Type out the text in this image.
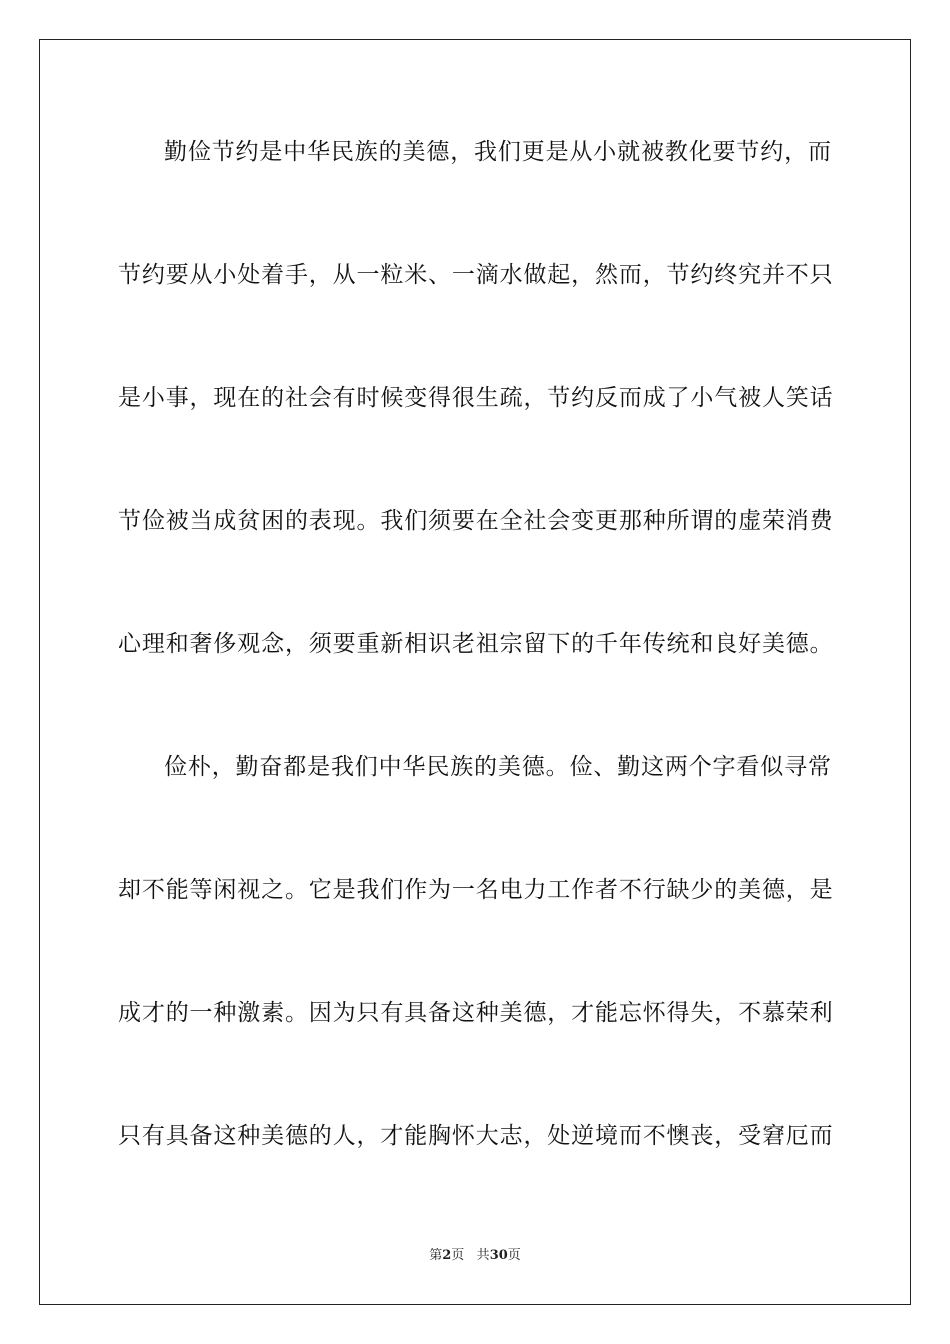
勤俭节约是中华民族的美德，我们更是从小就被教化要节约，而
节约要从小处着手，从一粒米、一滴水做起，然而，节约终究并不只
是小事，现在的社会有时候变得很生疏，节约反而成了小气被人笑话
节俭被当成贫困的表现。我们须要在全社会变更那种所谓的虚荣消费
心理和奢侈观念，须要重新相识老祖宗留下的千年传统和良好美德。
俭朴，勤奋都是我们中华民族的美德。俭、勤这两个字看似寻常
却不能等闲视之。它是我们作为一名电力工作者不行缺少的美德，是
成才的一种激素。因为只有具备这种美德，才能忘怀得失，不慕荣利
只有具备这种美德的人，才能胸怀大志，处逆境而不懊丧，受窘厄而
第2页 共30页
